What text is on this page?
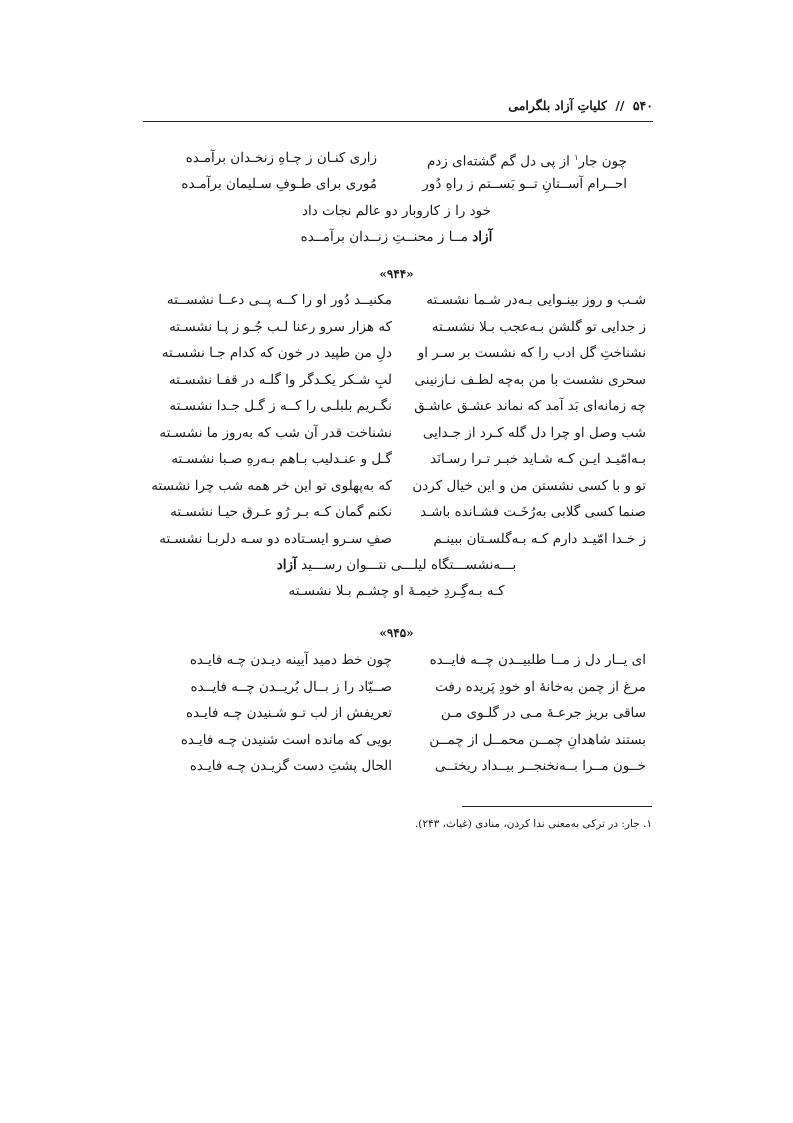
۵۴۰ // کلیاتِ آزاد بلگرامی
چون جار$^۱$ از پی دل گم گشته‌ای زدم
زاری کنـان ز چـاهِ زنخـدان برآمـده
احــرام آســتانِ تــو بَســتم ز راهِ دُور
مُوری برای طـوفِ سـلیمان برآمـده
خود را ز کاروبار دو عالم نجات داد
آزاد مــا ز محنــتِ زنــدان برآمــده
«۹۴۴»
شـب و روز بینـوایی بـه‌در شـما نشسـته
مکنیــد دُور او را کــه پــی دعــا نشســته
ز جدایی تو گلشن بـه‌عجب بـلا نشسـته
که هزار سرو رعنا لـب جُـو ز پـا نشسـته
نشناختِ گل ادب را که نشست بر سـر او
دلِ من طپید در خون که کدام جـا نشسـته
سحری نشست با من به‌چه لطـف نـازنینی
لبِ شـکر یکـدگر وا گلـه در قفـا نشسـته
چه زمانه‌ای بَد آمد که نماند عشـق عاشـق
نگـریم بلبلـی را کــه ز گـل جـدا نشسـته
شب وصل او چرا دل گله کـرد از جـدایی
نشناخت قدر آن شب که به‌روز ما نشسـته
بـه‌امّیـد ایـن کـه شـاید خبـر تـرا رسـانَد
گـل و عنـدلیب بـاهم بـه‌رهِ صـبا نشسـته
تو و با کسی نشستن من و این خیال کردن
که به‌پهلوی تو این خر همه شب چرا نشسته
صنما کسی گلابی به‌رُخَـت فشـانده باشـد
نکنم گمان کـه بـر رُو عـرق حیـا نشسـته
ز خـدا امّیـد دارم کـه بـه‌گلسـتان ببینـم
صفِ سـرو ایسـتاده دو سـه دلربـا نشسـته
بـــه‌نشســـتگاه لیلـــی نتـــوان رســـید آزاد
کـه بـه‌گِـردِ خیمـهٔ او چشـم بـلا نشسـته
«۹۴۵»
ای یــار دل ز مــا طلبیــدن چــه فایــده
چون خط دمید آیینه دیـدن چـه فایـده
مرغ از چمن به‌خانهٔ او خودِ پَریده رفت
صــیّاد را ز بــال بُریــدن چــه فایــده
ساقی بریز جرعـهٔ مـی در گلـوی مـن
تعریفش از لب تـو شـنیدن چـه فایـده
بستند شاهدانِ چمــن محمــل از چمــن
بویی که مانده است شنیدن چـه فایـده
خــون مــرا بــه‌نخنجــر بیــداد ریختــی
الحال پشتِ دست گزیـدن چـه فایـده
۱. جار: در ترکی به‌معنی ندا کردن، منادی (غیاث، ۲۴۳).
